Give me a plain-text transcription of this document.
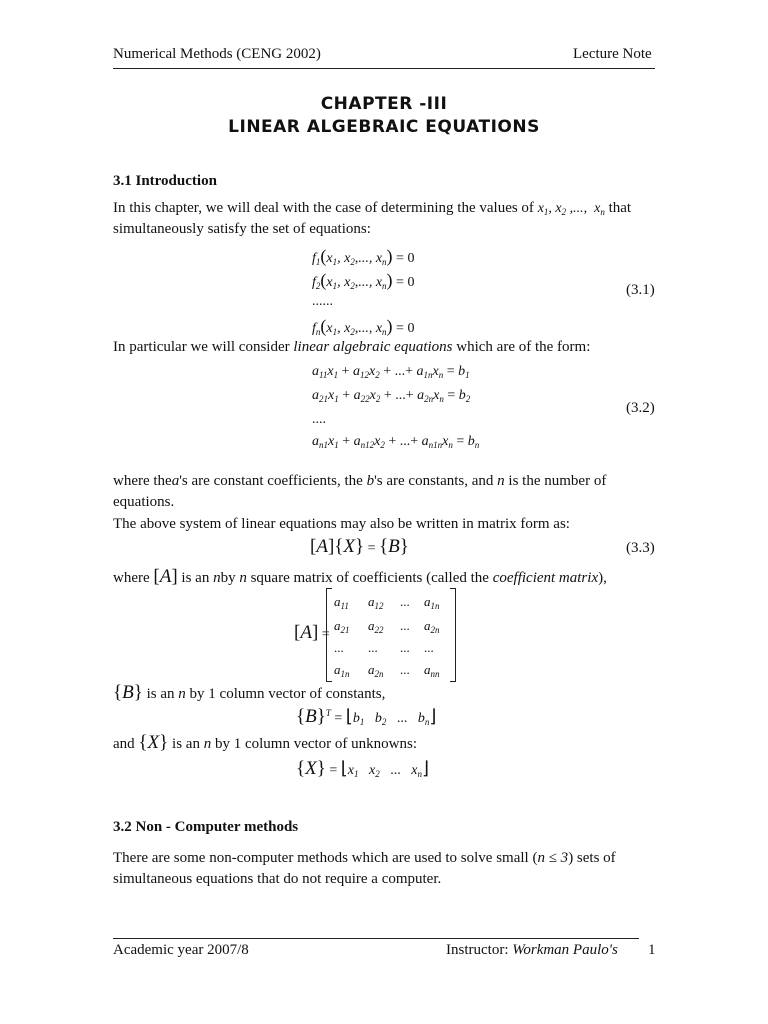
Numerical Methods (CENG 2002)	Lecture Note
CHAPTER -III
LINEAR ALGEBRAIC EQUATIONS
3.1 Introduction
In this chapter, we will deal with the case of determining the values of $x_1$, $x_2$ ,...,  $x_n$ that
simultaneously satisfy the set of equations:
$f_1(x_1$, $x_2$,..., $x_n) = 0$
$f_2(x_1$, $x_2$,..., $x_n) = 0$
......
$f_n(x_1$, $x_2$,..., $x_n) = 0$
(3.1)
In particular we will consider linear algebraic equations which are of the form:
$a_{11}x_1 + a_{12}x_2$ + ...+ $a_{1n}x_n = b_1$
$a_{21}x_1 + a_{22}x_2$ + ...+ $a_{2n}x_n = b_2$
....
$a_{n1}x_1 + a_{n12}x_2$ + ...+ $a_{n1n}x_n = b_n$
(3.2)
where thea's are constant coefficients, the b's are constants, and n is the number of
equations.
The above system of linear equations may also be written in matrix form as:
[A]{X} = {B}	(3.3)
where [A] is an nby n square matrix of coefficients (called the coefficient matrix),
[A] =
$a_{11}$	$a_{12}$	...	$a_{1n}$
$a_{21}$	$a_{22}$	...	$a_{2n}$
...	...	...	...
$a_{1n}$	$a_{2n}$	...	$a_{nn}$
{B} is an n by 1 column vector of constants,
$\{B\}^T$ = $⌊b_1$   $b_2$ ...   $b_n⌋$
and {X} is an n by 1 column vector of unknowns:
$\{X\} = ⌊x_1$   $x_2$ ...   $x_n⌋$
3.2 Non - Computer methods
There are some non-computer methods which are used to solve small (n ≤ 3) sets of
simultaneous equations that do not require a computer.
Academic year 2007/8	Instructor: Workman Paulo's 1
